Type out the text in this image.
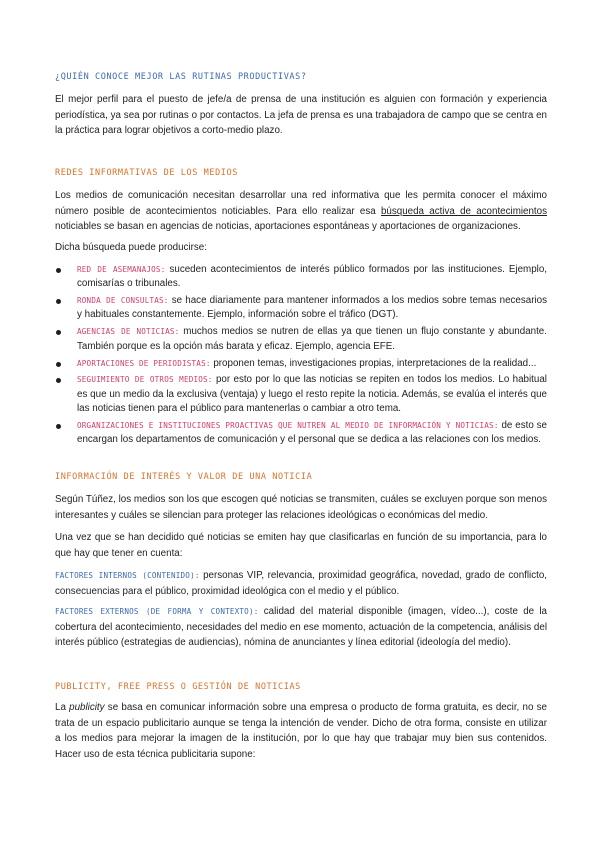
¿QUIÉN CONOCE MEJOR LAS RUTINAS PRODUCTIVAS?

El mejor perfil para el puesto de jefe/a de prensa de una institución es alguien con formación y experiencia periodística, ya sea por rutinas o por contactos. La jefa de prensa es una trabajadora de campo que se centra en la práctica para lograr objetivos a corto-medio plazo.

REDES INFORMATIVAS DE LOS MEDIOS

Los medios de comunicación necesitan desarrollar una red informativa que les permita conocer el máximo número posible de acontecimientos noticiables. Para ello realizar esa búsqueda activa de acontecimientos noticiables se basan en agencias de noticias, aportaciones espontáneas y aportaciones de organizaciones.

Dicha búsqueda puede producirse:

RED DE ASEMANAJOS: suceden acontecimientos de interés público formados por las instituciones. Ejemplo, comisarías o tribunales.
RONDA DE CONSULTAS: se hace diariamente para mantener informados a los medios sobre temas necesarios y habituales constantemente. Ejemplo, información sobre el tráfico (DGT).
AGENCIAS DE NOTICIAS: muchos medios se nutren de ellas ya que tienen un flujo constante y abundante. También porque es la opción más barata y eficaz. Ejemplo, agencia EFE.
APORTACIONES DE PERIODISTAS: proponen temas, investigaciones propias, interpretaciones de la realidad...
SEGUIMIENTO DE OTROS MEDIOS: por esto por lo que las noticias se repiten en todos los medios. Lo habitual es que un medio da la exclusiva (ventaja) y luego el resto repite la noticia. Además, se evalúa el interés que las noticias tienen para el público para mantenerlas o cambiar a otro tema.
ORGANIZACIONES E INSTITUCIONES PROACTIVAS QUE NUTREN AL MEDIO DE INFORMACIÓN Y NOTICIAS: de esto se encargan los departamentos de comunicación y el personal que se dedica a las relaciones con los medios.
INFORMACIÓN DE INTERÉS Y VALOR DE UNA NOTICIA

Según Túñez, los medios son los que escogen qué noticias se transmiten, cuáles se excluyen porque son menos interesantes y cuáles se silencian para proteger las relaciones ideológicas o económicas del medio.

Una vez que se han decidido qué noticias se emiten hay que clasificarlas en función de su importancia, para lo que hay que tener en cuenta:

FACTORES INTERNOS (CONTENIDO): personas VIP, relevancia, proximidad geográfica, novedad, grado de conflicto, consecuencias para el público, proximidad ideológica con el medio y el público.

FACTORES EXTERNOS (DE FORMA Y CONTEXTO): calidad del material disponible (imagen, vídeo...), coste de la cobertura del acontecimiento, necesidades del medio en ese momento, actuación de la competencia, análisis del interés público (estrategias de audiencias), nómina de anunciantes y línea editorial (ideología del medio).

PUBLICITY, FREE PRESS O GESTIÓN DE NOTICIAS

La publicity se basa en comunicar información sobre una empresa o producto de forma gratuita, es decir, no se trata de un espacio publicitario aunque se tenga la intención de vender. Dicho de otra forma, consiste en utilizar a los medios para mejorar la imagen de la institución, por lo que hay que trabajar muy bien sus contenidos. Hacer uso de esta técnica publicitaria supone:
